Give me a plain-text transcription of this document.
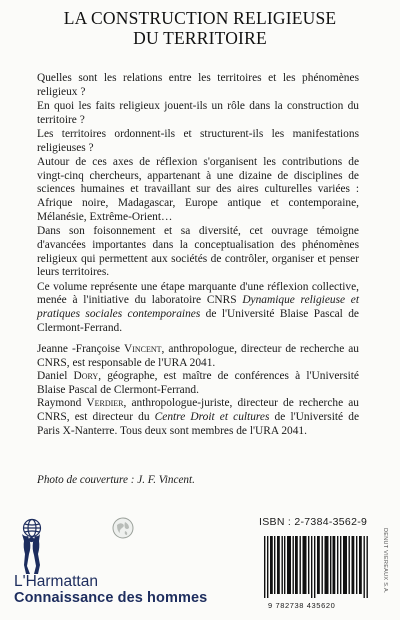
LA CONSTRUCTION RELIGIEUSE
DU TERRITOIRE

Quelles sont les relations entre les territoires et les phénomènes religieux ?

En quoi les faits religieux jouent-ils un rôle dans la construction du territoire ?

Les territoires ordonnent-ils et structurent-ils les manifestations religieuses ?

Autour de ces axes de réflexion s'organisent les contributions de vingt-cinq chercheurs, appartenant à une dizaine de disciplines de sciences humaines et travaillant sur des aires culturelles variées : Afrique noire, Madagascar, Europe antique et contemporaine, Mélanésie, Extrême-Orient…

Dans son foisonnement et sa diversité, cet ouvrage témoigne d'avancées importantes dans la conceptualisation des phénomènes religieux qui permettent aux sociétés de contrôler, organiser et penser leurs territoires.

Ce volume représente une étape marquante d'une réflexion collective, menée à l'initiative du laboratoire CNRS Dynamique religieuse et pratiques sociales contemporaines de l'Université Blaise Pascal de Clermont-Ferrand.

Jeanne -Françoise Vincent, anthropologue, directeur de recherche au CNRS, est responsable de l'URA 2041.

Daniel Dory, géographe, est maître de conférences à l'Université Blaise Pascal de Clermont-Ferrand.

Raymond Verdier, anthropologue-juriste, directeur de recherche au CNRS, est directeur du Centre Droit et cultures de l'Université de Paris X-Nanterre. Tous deux sont membres de l'URA 2041.

Photo de couverture : J. F. Vincent.
ISBN : 2-7384-3562-9
9 782738 435620
DENUT VIEREAUX S.A.
L'Harmattan
Connaissance des hommes
